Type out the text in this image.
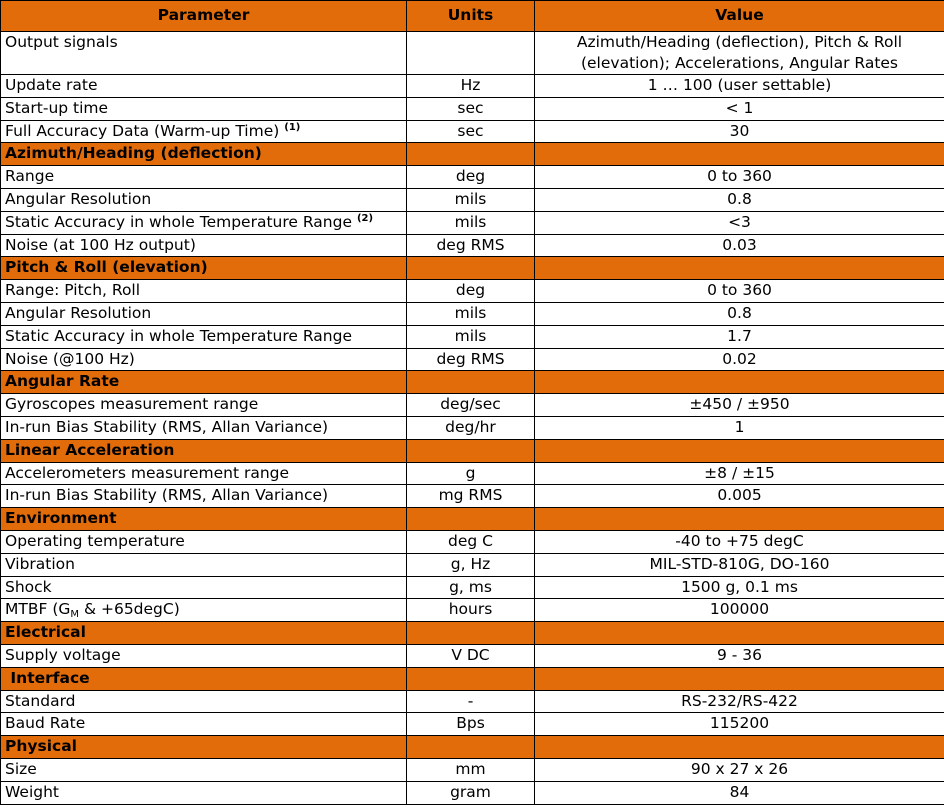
Parameter	Units	Value
Output signals		Azimuth/Heading (deflection), Pitch & Roll (elevation); Accelerations, Angular Rates
Update rate	Hz	1 … 100 (user settable)
Start-up time	sec	< 1
Full Accuracy Data (Warm-up Time) $^{(1)}$	sec	30
Azimuth/Heading (deflection)		
Range	deg	0 to 360
Angular Resolution	mils	0.8
Static Accuracy in whole Temperature Range $^{(2)}$	mils	<3
Noise (at 100 Hz output)	deg RMS	0.03
Pitch & Roll (elevation)		
Range: Pitch, Roll	deg	0 to 360
Angular Resolution	mils	0.8
Static Accuracy in whole Temperature Range	mils	1.7
Noise (@100 Hz)	deg RMS	0.02
Angular Rate		
Gyroscopes measurement range	deg/sec	±450 / ±950
In-run Bias Stability (RMS, Allan Variance)	deg/hr	1
Linear Acceleration		
Accelerometers measurement range	g	±8 / ±15
In-run Bias Stability (RMS, Allan Variance)	mg RMS	0.005
Environment		
Operating temperature	deg C	-40 to +75 degC
Vibration	g, Hz	MIL-STD-810G, DO-160
Shock	g, ms	1500 g, 0.1 ms
MTBF ($G_M$ & +65degC)	hours	100000
Electrical		
Supply voltage	V DC	9 - 36
Interface		
Standard	-	RS-232/RS-422
Baud Rate	Bps	115200
Physical		
Size	mm	90 x 27 x 26
Weight	gram	84
